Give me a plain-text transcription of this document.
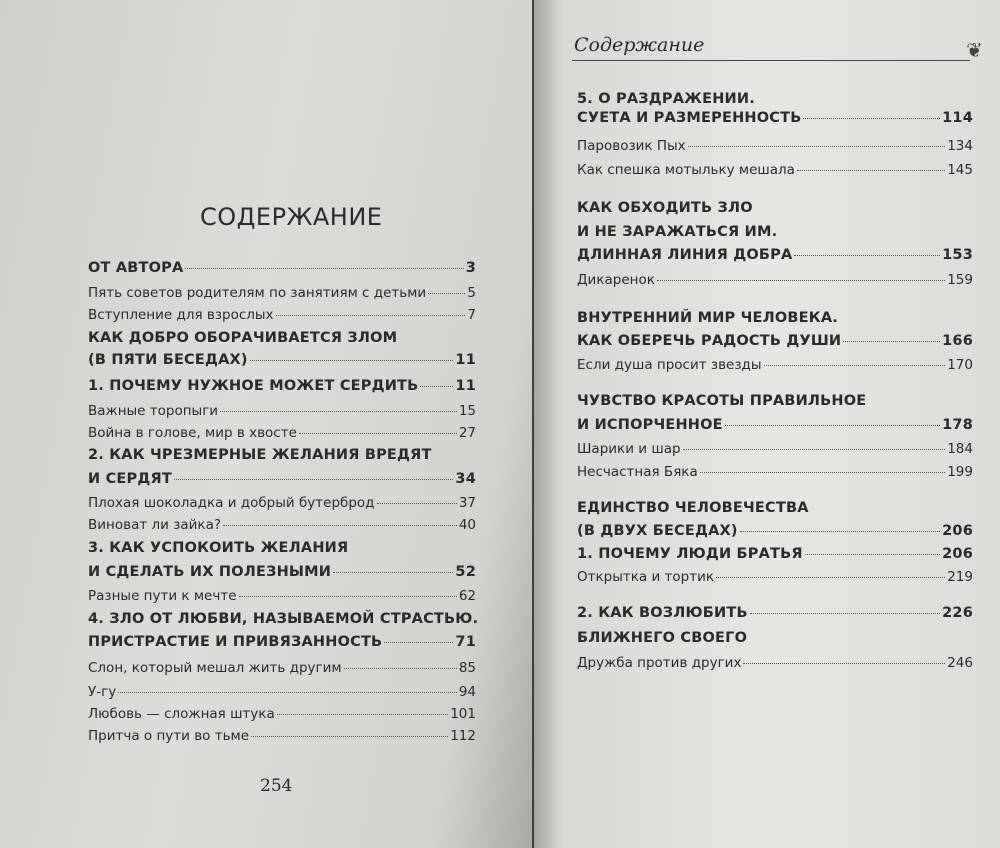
СОДЕРЖАНИЕ
254
Содержание	❦
ОТ АВТОРА	3
Пять советов родителям по занятиям с детьми	5
Вступление для взрослых	7
КАК ДОБРО ОБОРАЧИВАЕТСЯ ЗЛОМ
(В ПЯТИ БЕСЕДАХ)	11
1. ПОЧЕМУ НУЖНОЕ МОЖЕТ СЕРДИТЬ	11
Важные торопыги	15
Война в голове, мир в хвосте	27
2. КАК ЧРЕЗМЕРНЫЕ ЖЕЛАНИЯ ВРЕДЯТ
И СЕРДЯТ	34
Плохая шоколадка и добрый бутерброд	37
Виноват ли зайка?	40
3. КАК УСПОКОИТЬ ЖЕЛАНИЯ
И СДЕЛАТЬ ИХ ПОЛЕЗНЫМИ	52
Разные пути к мечте	62
4. ЗЛО ОТ ЛЮБВИ, НАЗЫВАЕМОЙ СТРАСТЬЮ.
ПРИСТРАСТИЕ И ПРИВЯЗАННОСТЬ	71
Слон, который мешал жить другим	85
У-гу	94
Любовь — сложная штука	101
Притча о пути во тьме	112
5. О РАЗДРАЖЕНИИ.
СУЕТА И РАЗМЕРЕННОСТЬ	114
Паровозик Пых	134
Как спешка мотыльку мешала	145
КАК ОБХОДИТЬ ЗЛО
И НЕ ЗАРАЖАТЬСЯ ИМ.
ДЛИННАЯ ЛИНИЯ ДОБРА	153
Дикаренок	159
ВНУТРЕННИЙ МИР ЧЕЛОВЕКА.
КАК ОБЕРЕЧЬ РАДОСТЬ ДУШИ	166
Если душа просит звезды	170
ЧУВСТВО КРАСОТЫ ПРАВИЛЬНОЕ
И ИСПОРЧЕННОЕ	178
Шарики и шар	184
Несчастная Бяка	199
ЕДИНСТВО ЧЕЛОВЕЧЕСТВА
(В ДВУХ БЕСЕДАХ)	206
1. ПОЧЕМУ ЛЮДИ БРАТЬЯ	206
Открытка и тортик	219
2. КАК ВОЗЛЮБИТЬ	226
БЛИЖНЕГО СВОЕГО
Дружба против других	246
